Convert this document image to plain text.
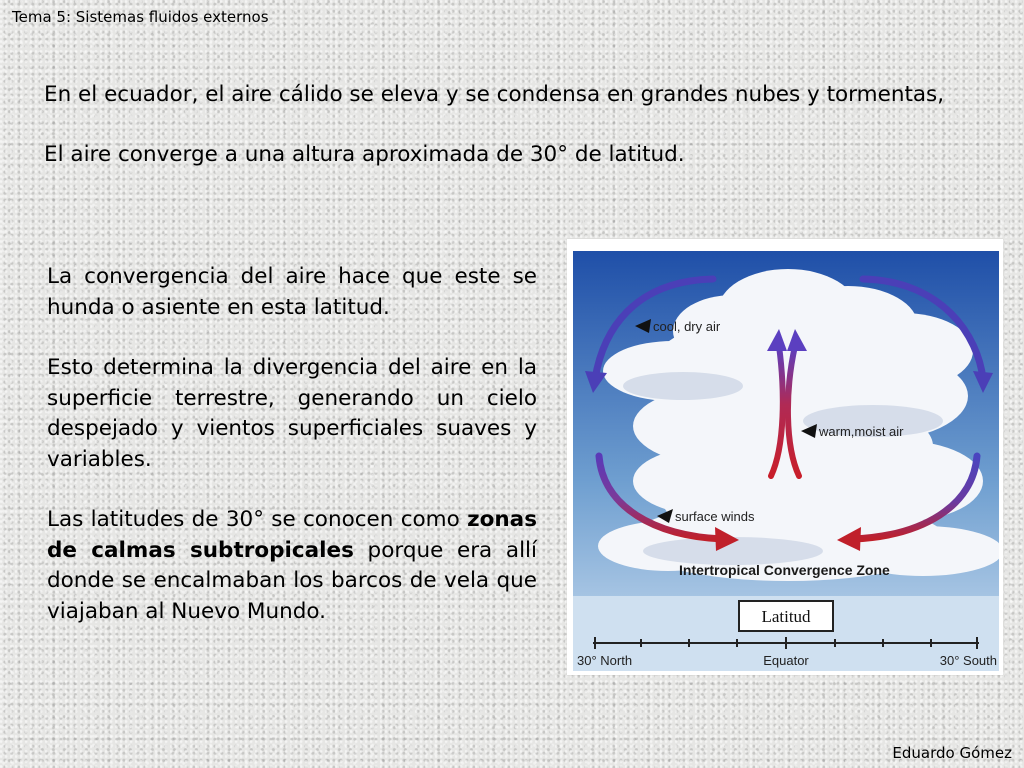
Tema 5: Sistemas fluidos externos
En el ecuador, el aire cálido se eleva y se condensa en grandes nubes y tormentas,
El aire converge a una altura aproximada de 30° de latitud.

La convergencia del aire hace que este se hunda o asiente en esta latitud.

Esto determina la divergencia del aire en la superficie terrestre, generando un cielo despejado y vientos superficiales suaves y variables.

Las latitudes de 30° se conocen como zonas de calmas subtropicales porque era allí donde se encalmaban los barcos de vela que viajaban al Nuevo Mundo.

cool, dry air
warm,moist air
surface winds
Intertropical Convergence Zone
Latitud
30° North	Equator	30° South
Eduardo Gómez
